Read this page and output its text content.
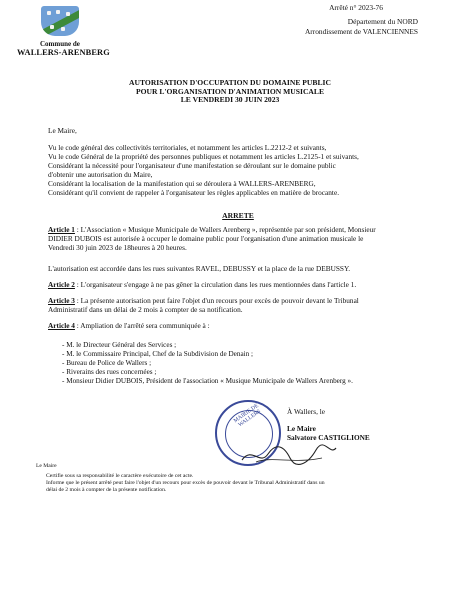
Commune de
WALLERS-ARENBERG
Arrêté n° 2023-76
Département du NORD
Arrondissement de VALENCIENNES
AUTORISATION D'OCCUPATION DU DOMAINE PUBLIC
POUR L'ORGANISATION D'ANIMATION MUSICALE
LE VENDREDI 30 JUIN 2023
Le Maire,
Vu le code général des collectivités territoriales, et notamment les articles L.2212-2 et suivants,
Vu le code Général de la propriété des personnes publiques et notamment les articles L.2125-1 et suivants,
Considérant la nécessité pour l'organisateur d'une manifestation se déroulant sur le domaine public
d'obtenir une autorisation du Maire,
Considérant la localisation de la manifestation qui se déroulera à WALLERS-ARENBERG,
Considérant qu'il convient de rappeler à l'organisateur les règles applicables en matière de brocante.
ARRETE
Article 1 : L'Association « Musique Municipale de Wallers Arenberg », représentée par son président, Monsieur
DIDIER DUBOIS est autorisée à occuper le domaine public pour l'organisation d'une animation musicale le
Vendredi 30 juin 2023 de 18heures à 20 heures.
L'autorisation est accordée dans les rues suivantes RAVEL, DEBUSSY et la place de la rue DEBUSSY.
Article 2 : L'organisateur s'engage à ne pas gêner la circulation dans les rues mentionnées dans l'article 1.
Article 3 : La présente autorisation peut faire l'objet d'un recours pour excès de pouvoir devant le Tribunal
Administratif dans un délai de 2 mois à compter de sa notification.
Article 4 : Ampliation de l'arrêté sera communiquée à :
- M. le Directeur Général des Services ;
- M. le Commissaire Principal, Chef de la Subdivision de Denain ;
- Bureau de Police de Wallers ;
- Riverains des rues concernées ;
- Monsieur Didier DUBOIS, Président de l'association « Musique Municipale de Wallers Arenberg ».
À Wallers, le
Le Maire
Salvatore CASTIGLIONE
MAIRIE DE WALLERS
Le Maire
Certifie sous sa responsabilité le caractère exécutoire de cet acte.
Informe que le présent arrêté peut faire l'objet d'un recours pour excès de pouvoir devant le Tribunal Administratif dans un
délai de 2 mois à compter de la présente notification.
